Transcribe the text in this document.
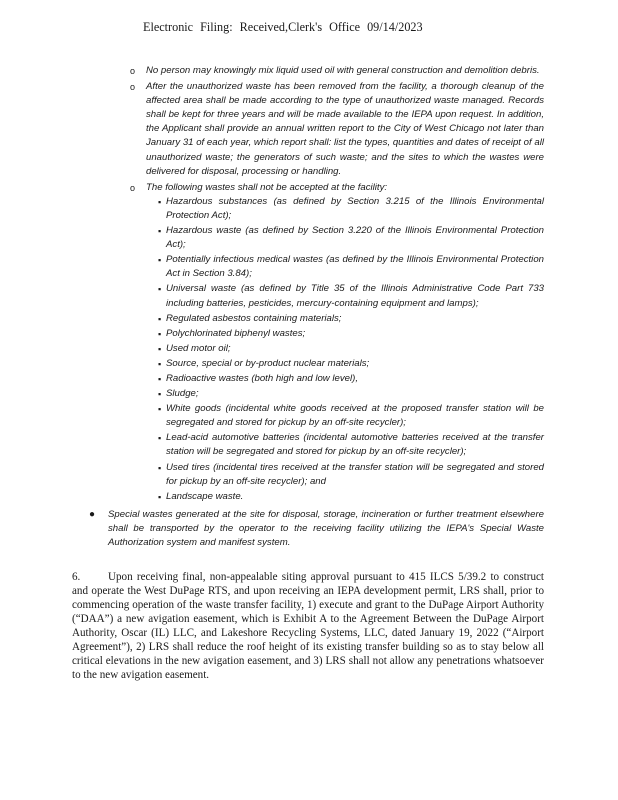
Electronic Filing: Received,Clerk's Office 09/14/2023
o No person may knowingly mix liquid used oil with general construction and demolition debris.
o After the unauthorized waste has been removed from the facility, a thorough cleanup of the affected area shall be made according to the type of unauthorized waste managed. Records shall be kept for three years and will be made available to the IEPA upon request. In addition, the Applicant shall provide an annual written report to the City of West Chicago not later than January 31 of each year, which report shall: list the types, quantities and dates of receipt of all unauthorized waste; the generators of such waste; and the sites to which the wastes were delivered for disposal, processing or handling.
o The following wastes shall not be accepted at the facility:
▪ Hazardous substances (as defined by Section 3.215 of the Illinois Environmental Protection Act);
▪ Hazardous waste (as defined by Section 3.220 of the Illinois Environmental Protection Act);
▪ Potentially infectious medical wastes (as defined by the Illinois Environmental Protection Act in Section 3.84);
▪ Universal waste (as defined by Title 35 of the Illinois Administrative Code Part 733 including batteries, pesticides, mercury-containing equipment and lamps);
▪ Regulated asbestos containing materials;
▪ Polychlorinated biphenyl wastes;
▪ Used motor oil;
▪ Source, special or by-product nuclear materials;
▪ Radioactive wastes (both high and low level),
▪ Sludge;
▪ White goods (incidental white goods received at the proposed transfer station will be segregated and stored for pickup by an off-site recycler);
▪ Lead-acid automotive batteries (incidental automotive batteries received at the transfer station will be segregated and stored for pickup by an off-site recycler);
▪ Used tires (incidental tires received at the transfer station will be segregated and stored for pickup by an off-site recycler); and
▪ Landscape waste.
● Special wastes generated at the site for disposal, storage, incineration or further treatment elsewhere shall be transported by the operator to the receiving facility utilizing the IEPA's Special Waste Authorization system and manifest system.

6. Upon receiving final, non-appealable siting approval pursuant to 415 ILCS 5/39.2 to construct and operate the West DuPage RTS, and upon receiving an IEPA development permit, LRS shall, prior to commencing operation of the waste transfer facility, 1) execute and grant to the DuPage Airport Authority (“DAA”) a new avigation easement, which is Exhibit A to the Agreement Between the DuPage Airport Authority, Oscar (IL) LLC, and Lakeshore Recycling Systems, LLC, dated January 19, 2022 (“Airport Agreement”), 2) LRS shall reduce the roof height of its existing transfer building so as to stay below all critical elevations in the new avigation easement, and 3) LRS shall not allow any penetrations whatsoever to the new avigation easement.
